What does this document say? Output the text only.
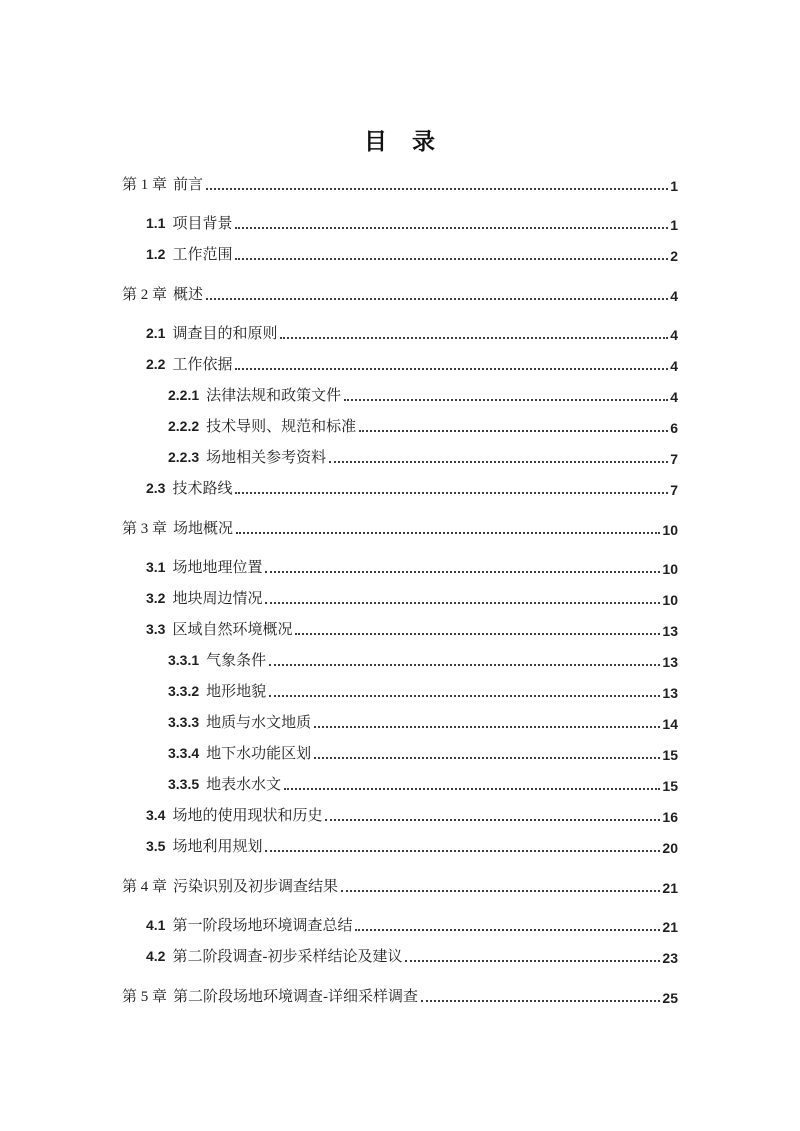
目　录
第 1 章 前言	1
1.1 项目背景	1
1.2 工作范围	2
第 2 章 概述	4
2.1 调查目的和原则	4
2.2 工作依据	4
2.2.1 法律法规和政策文件	4
2.2.2 技术导则、规范和标准	6
2.2.3 场地相关参考资料	7
2.3 技术路线	7
第 3 章 场地概况	10
3.1 场地地理位置	10
3.2 地块周边情况	10
3.3 区域自然环境概况	13
3.3.1 气象条件	13
3.3.2 地形地貌	13
3.3.3 地质与水文地质	14
3.3.4 地下水功能区划	15
3.3.5 地表水水文	15
3.4 场地的使用现状和历史	16
3.5 场地利用规划	20
第 4 章 污染识别及初步调查结果	21
4.1 第一阶段场地环境调查总结	21
4.2 第二阶段调查-初步采样结论及建议	23
第 5 章 第二阶段场地环境调查-详细采样调查	25
